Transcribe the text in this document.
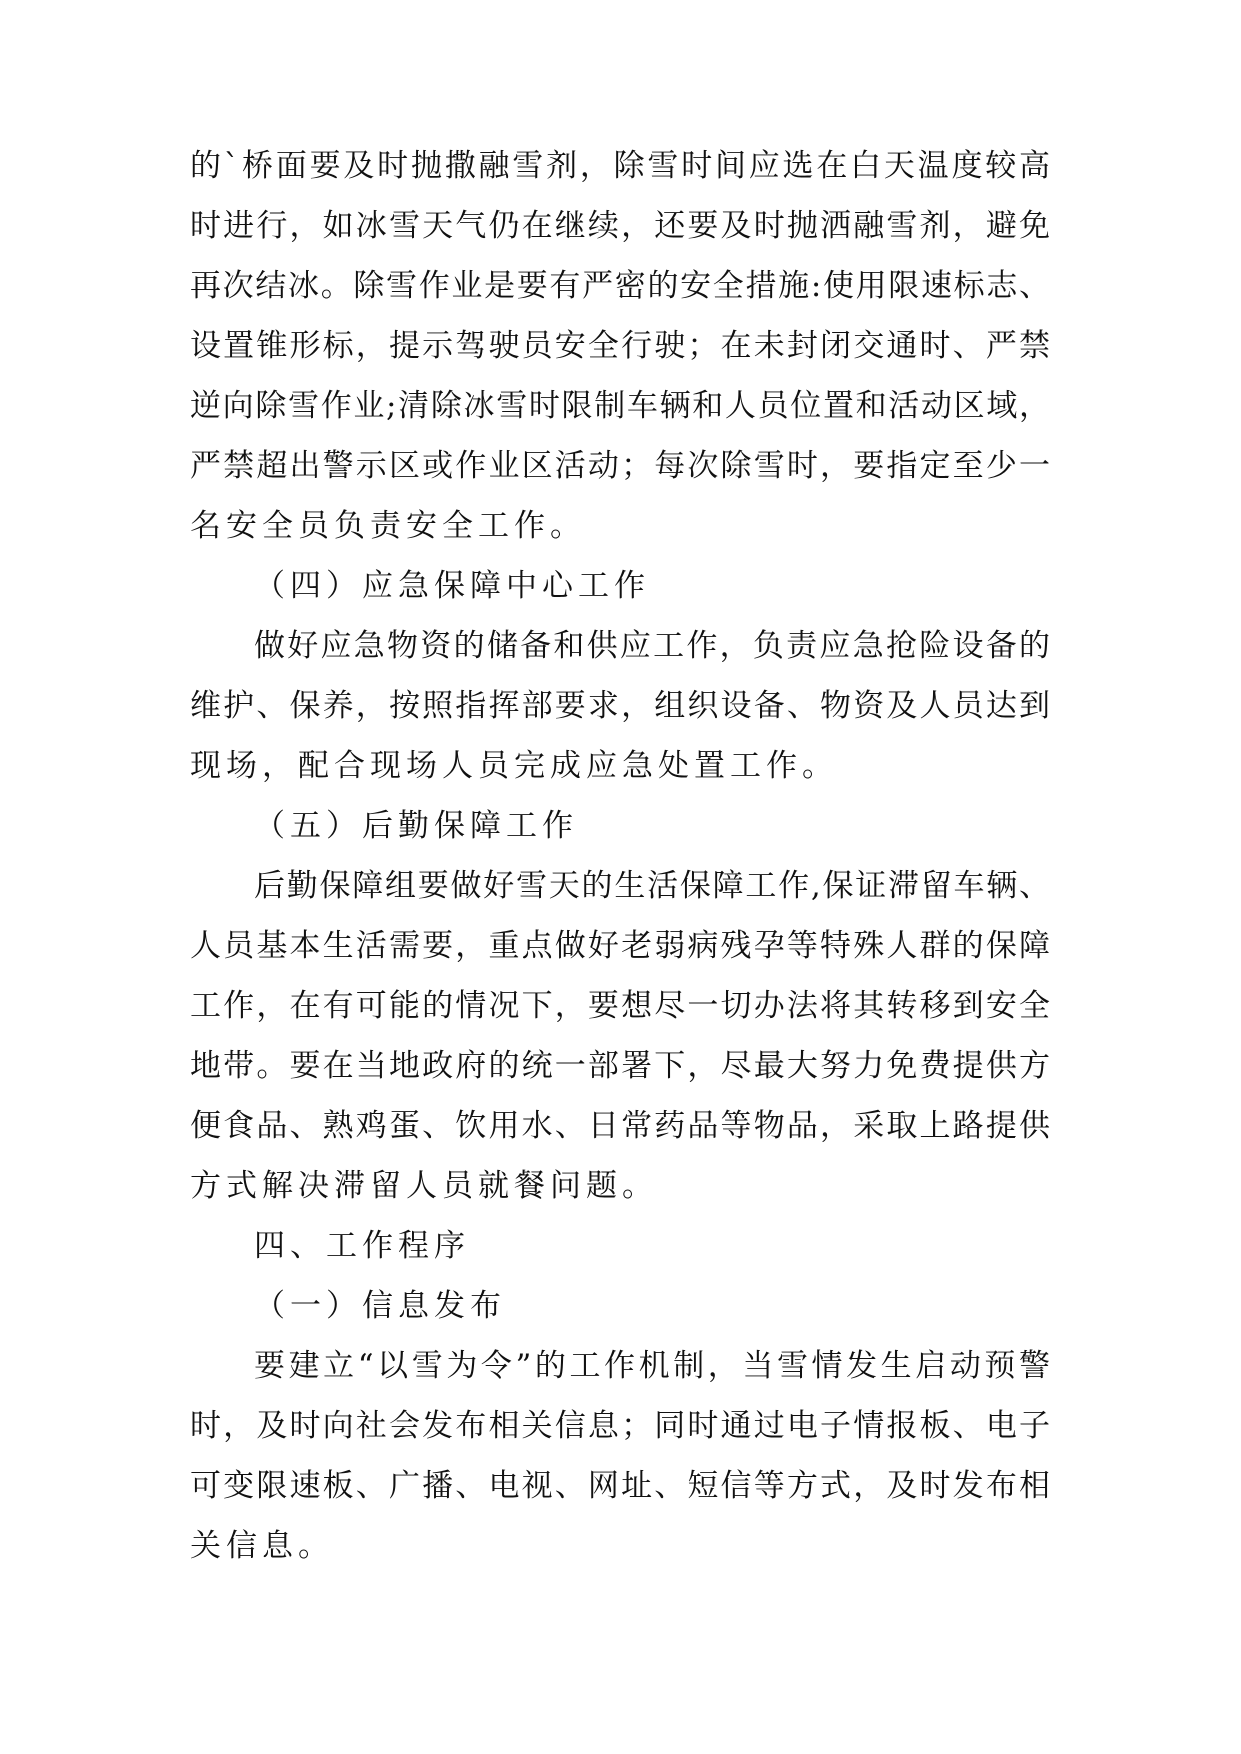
的`桥面要及时抛撒融雪剂，除雪时间应选在白天温度较高
时进行，如冰雪天气仍在继续，还要及时抛洒融雪剂，避免
再次结冰。除雪作业是要有严密的安全措施:使用限速标志、
设置锥形标，提示驾驶员安全行驶；在未封闭交通时、严禁
逆向除雪作业;清除冰雪时限制车辆和人员位置和活动区域，
严禁超出警示区或作业区活动；每次除雪时，要指定至少一
名安全员负责安全工作。
（四）应急保障中心工作
做好应急物资的储备和供应工作，负责应急抢险设备的
维护、保养，按照指挥部要求，组织设备、物资及人员达到
现场，配合现场人员完成应急处置工作。
（五）后勤保障工作
后勤保障组要做好雪天的生活保障工作,保证滞留车辆、
人员基本生活需要，重点做好老弱病残孕等特殊人群的保障
工作，在有可能的情况下，要想尽一切办法将其转移到安全
地带。要在当地政府的统一部署下，尽最大努力免费提供方
便食品、熟鸡蛋、饮用水、日常药品等物品，采取上路提供
方式解决滞留人员就餐问题。
四、工作程序
（一）信息发布
要建立“以雪为令”的工作机制，当雪情发生启动预警
时，及时向社会发布相关信息；同时通过电子情报板、电子
可变限速板、广播、电视、网址、短信等方式，及时发布相
关信息。
